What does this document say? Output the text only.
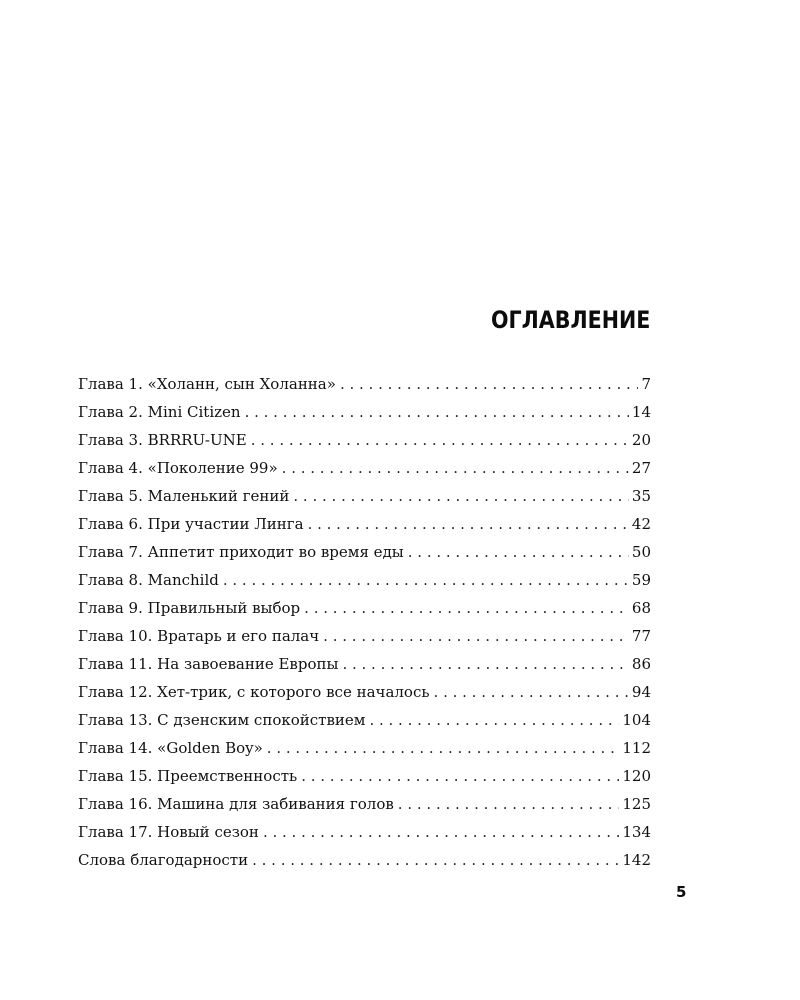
ОГЛАВЛЕНИЕ
Глава 1. «Холанн, сын Холанна» . . .	7
Глава 2. Mini Citizen . . .	14
Глава 3. BRRRU-UNE . . .	20
Глава 4. «Поколение 99» . . .	27
Глава 5. Маленький гений . . .	35
Глава 6. При участии Линга . . .	42
Глава 7. Аппетит приходит во время еды . . .	50
Глава 8. Manchild . . .	59
Глава 9. Правильный выбор . . .	68
Глава 10. Вратарь и его палач . . .	77
Глава 11. На завоевание Европы . . .	86
Глава 12. Хет-трик, с которого все началось . . .	94
Глава 13. С дзенским спокойствием . . .	104
Глава 14. «Golden Boy» . . .	112
Глава 15. Преемственность . . .	120
Глава 16. Машина для забивания голов . . .	125
Глава 17. Новый сезон . . .	134
Слова благодарности . . .	142
5
